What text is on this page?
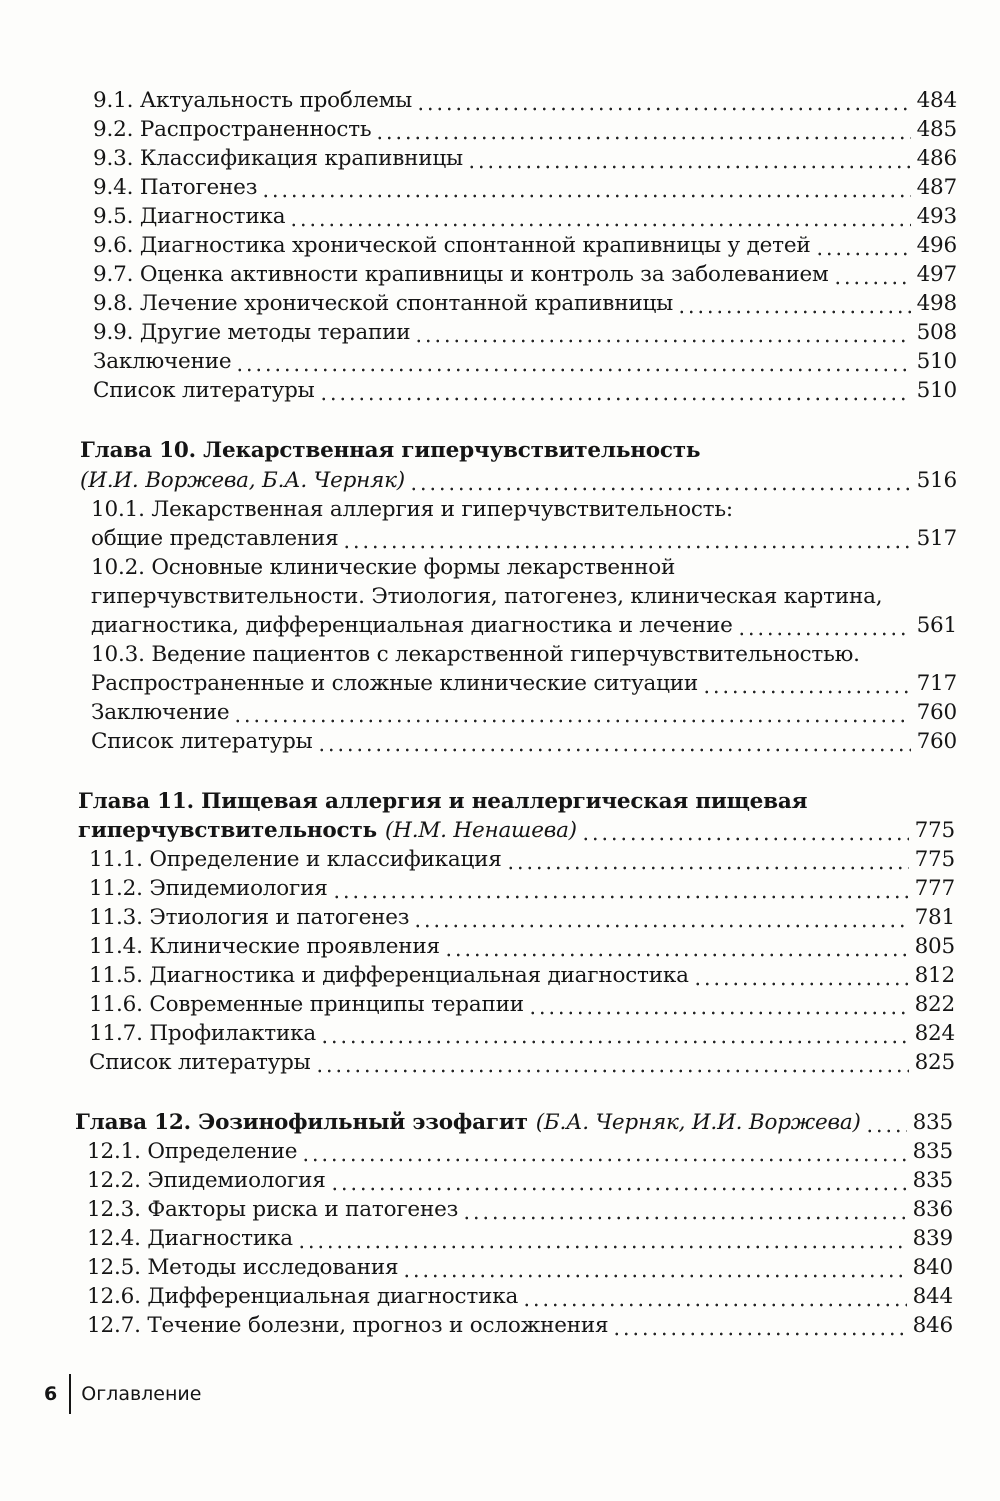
9.1. Актуальность проблемы	484
9.2. Распространенность	485
9.3. Классификация крапивницы	486
9.4. Патогенез	487
9.5. Диагностика	493
9.6. Диагностика хронической спонтанной крапивницы у детей	496
9.7. Оценка активности крапивницы и контроль за заболеванием	497
9.8. Лечение хронической спонтанной крапивницы	498
9.9. Другие методы терапии	508
Заключение	510
Список литературы	510
Глава 10. Лекарственная гиперчувствительность
(И.И. Воржева, Б.А. Черняк)	516
10.1. Лекарственная аллергия и гиперчувствительность:
общие представления	517
10.2. Основные клинические формы лекарственной
гиперчувствительности. Этиология, патогенез, клиническая картина,
диагностика, дифференциальная диагностика и лечение	561
10.3. Ведение пациентов с лекарственной гиперчувствительностью.
Распространенные и сложные клинические ситуации	717
Заключение	760
Список литературы	760
Глава 11. Пищевая аллергия и неаллергическая пищевая
гиперчувствительность (Н.М. Ненашева)	775
11.1. Определение и классификация	775
11.2. Эпидемиология	777
11.3. Этиология и патогенез	781
11.4. Клинические проявления	805
11.5. Диагностика и дифференциальная диагностика	812
11.6. Современные принципы терапии	822
11.7. Профилактика	824
Список литературы	825
Глава 12. Эозинофильный эзофагит (Б.А. Черняк, И.И. Воржева) 835
12.1. Определение	835
12.2. Эпидемиология	835
12.3. Факторы риска и патогенез	836
12.4. Диагностика	839
12.5. Методы исследования	840
12.6. Дифференциальная диагностика	844
12.7. Течение болезни, прогноз и осложнения	846
6 Оглавление
